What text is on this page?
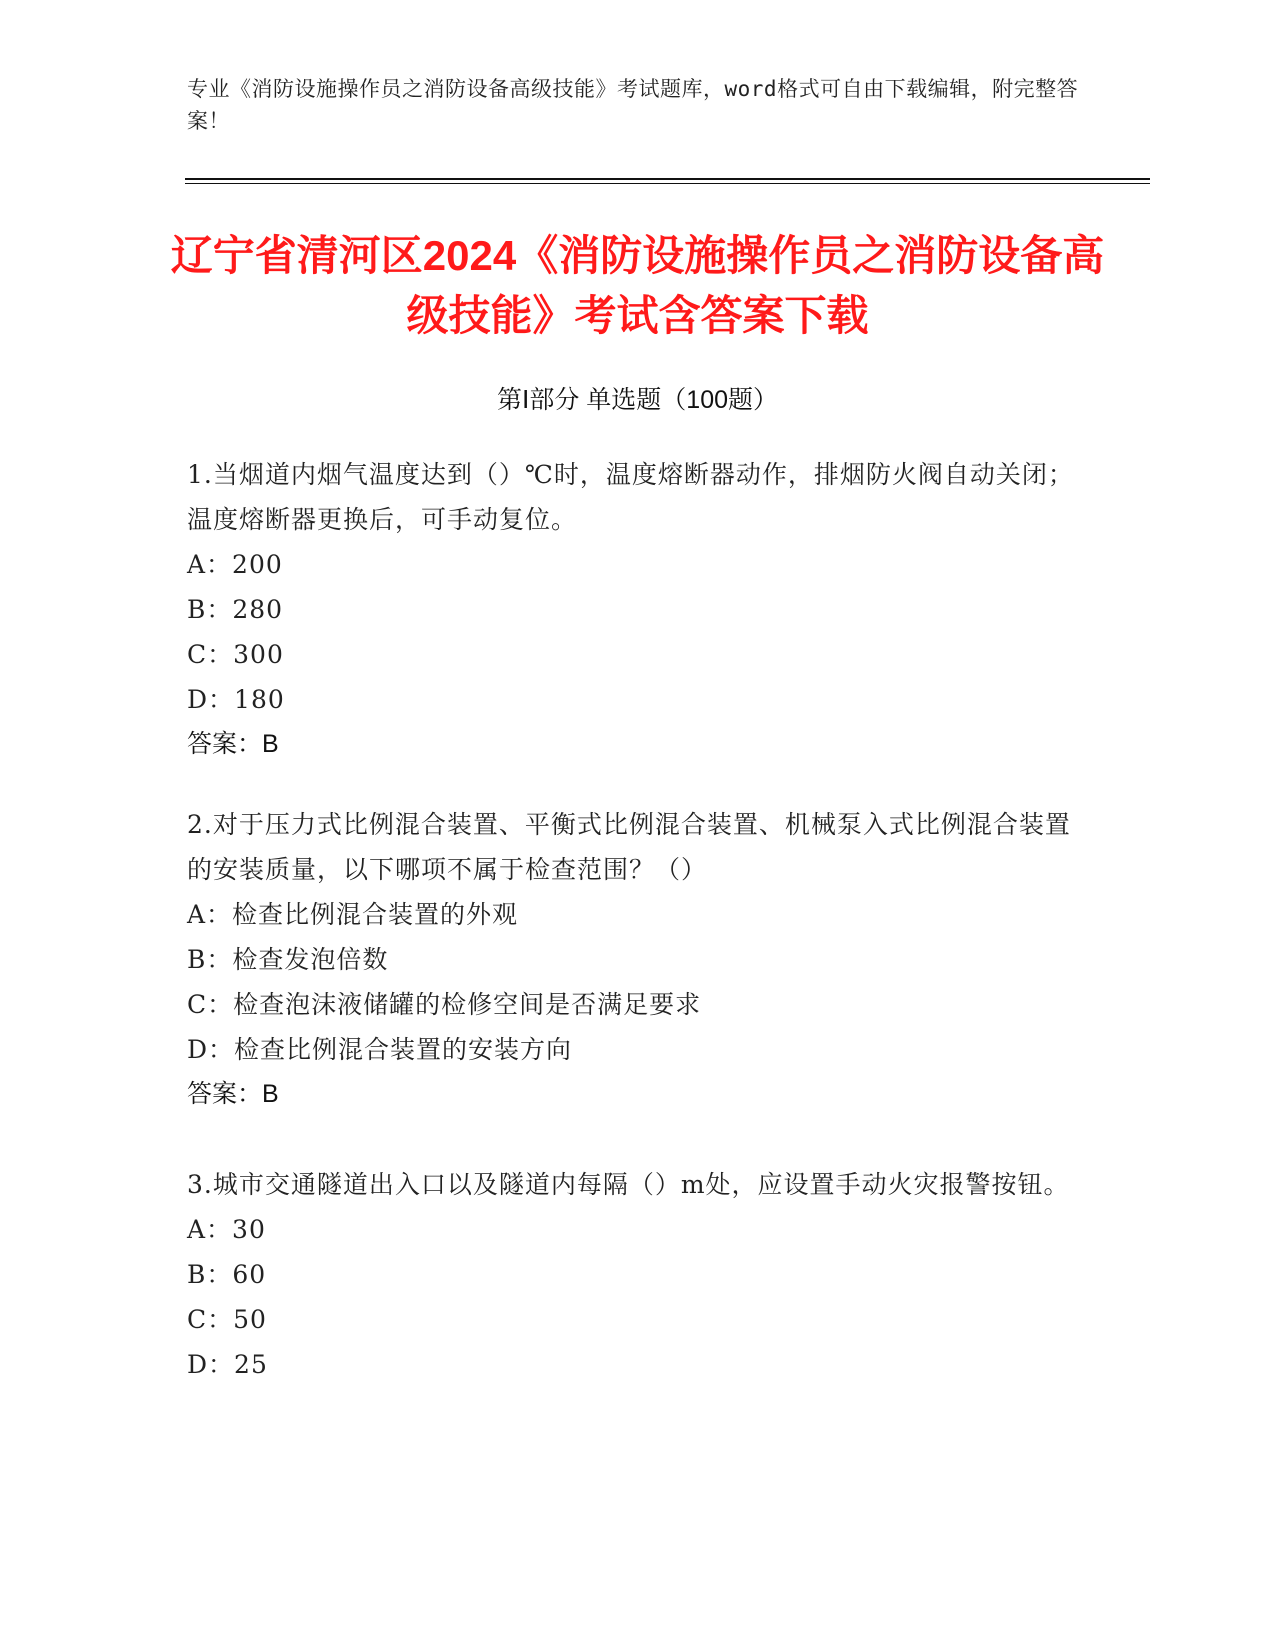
专业《消防设施操作员之消防设备高级技能》考试题库，word格式可自由下载编辑，附完整答案！
辽宁省清河区2024《消防设施操作员之消防设备高级技能》考试含答案下载
第Ⅰ部分 单选题（100题）
1.当烟道内烟气温度达到（）℃时，温度熔断器动作，排烟防火阀自动关闭；温度熔断器更换后，可手动复位。
A：200
B：280
C：300
D：180
答案：B
2.对于压力式比例混合装置、平衡式比例混合装置、机械泵入式比例混合装置的安装质量，以下哪项不属于检查范围？（）
A：检查比例混合装置的外观
B：检查发泡倍数
C：检查泡沫液储罐的检修空间是否满足要求
D：检查比例混合装置的安装方向
答案：B
3.城市交通隧道出入口以及隧道内每隔（）m处，应设置手动火灾报警按钮。
A：30
B：60
C：50
D：25
